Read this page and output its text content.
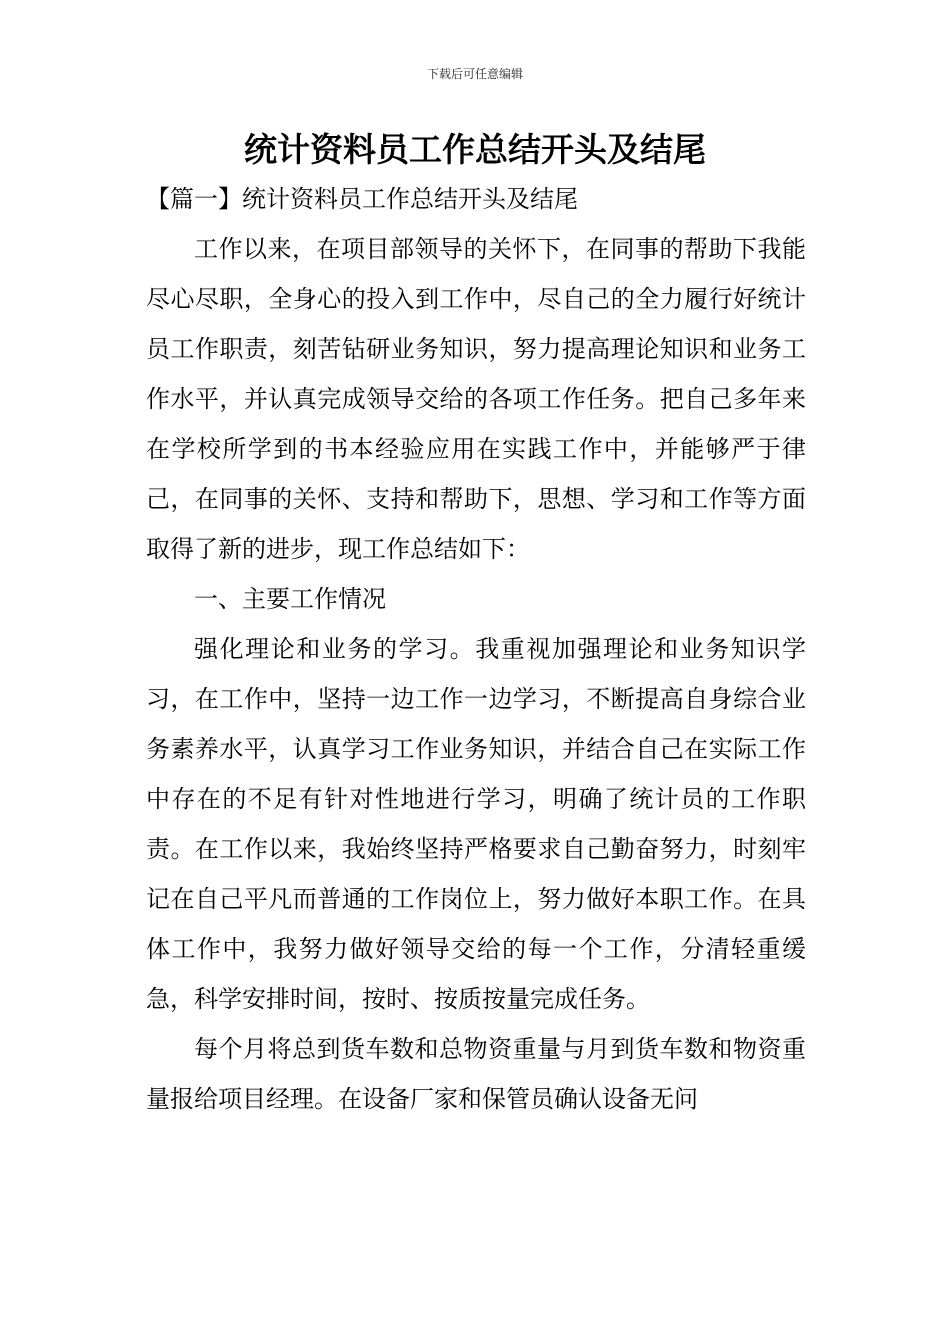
下载后可任意编辑
统计资料员工作总结开头及结尾
【篇一】统计资料员工作总结开头及结尾

工作以来，在项目部领导的关怀下，在同事的帮助下我能尽心尽职，全身心的投入到工作中，尽自己的全力履行好统计员工作职责，刻苦钻研业务知识，努力提高理论知识和业务工作水平，并认真完成领导交给的各项工作任务。把自己多年来在学校所学到的书本经验应用在实践工作中，并能够严于律己，在同事的关怀、支持和帮助下，思想、学习和工作等方面取得了新的进步，现工作总结如下：

一、主要工作情况

强化理论和业务的学习。我重视加强理论和业务知识学习，在工作中，坚持一边工作一边学习，不断提高自身综合业务素养水平，认真学习工作业务知识，并结合自己在实际工作中存在的不足有针对性地进行学习，明确了统计员的工作职责。在工作以来，我始终坚持严格要求自己勤奋努力，时刻牢记在自己平凡而普通的工作岗位上，努力做好本职工作。在具体工作中，我努力做好领导交给的每一个工作，分清轻重缓急，科学安排时间，按时、按质按量完成任务。

每个月将总到货车数和总物资重量与月到货车数和物资重量报给项目经理。在设备厂家和保管员确认设备无问
